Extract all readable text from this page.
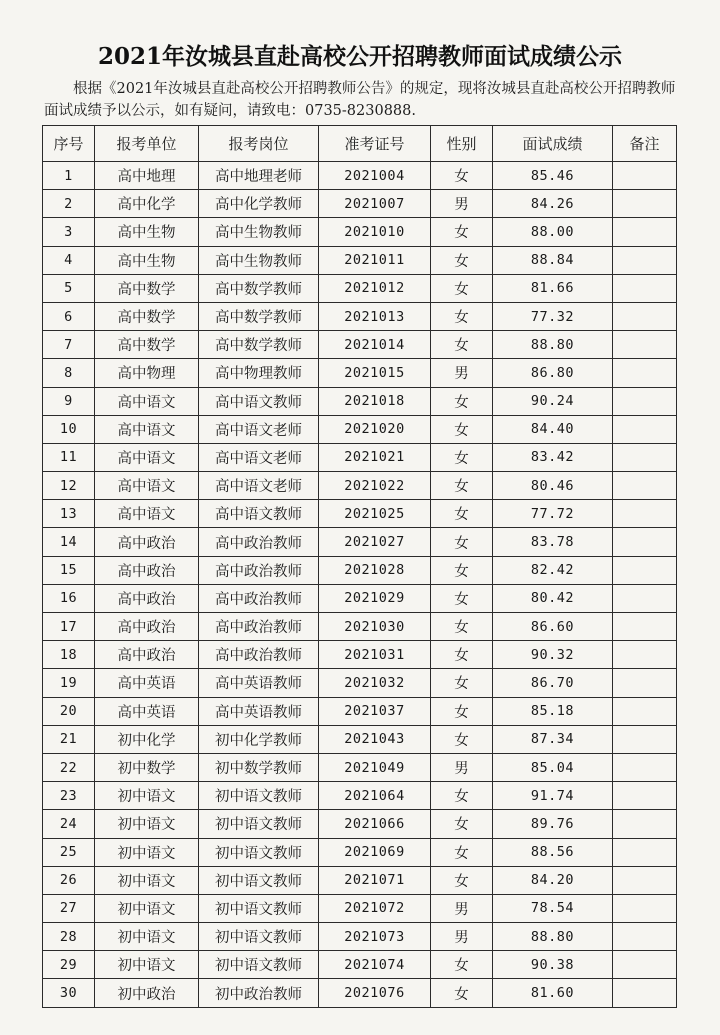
2021年汝城县直赴高校公开招聘教师面试成绩公示
根据《2021年汝城县直赴高校公开招聘教师公告》的规定，现将汝城县直赴高校公开招聘教师面试成绩予以公示，如有疑问，请致电：0735-8230888.
序号	报考单位	报考岗位	准考证号	性别	面试成绩	备注
1	高中地理	高中地理老师	2021004	女	85.46	
2	高中化学	高中化学教师	2021007	男	84.26	
3	高中生物	高中生物教师	2021010	女	88.00	
4	高中生物	高中生物教师	2021011	女	88.84	
5	高中数学	高中数学教师	2021012	女	81.66	
6	高中数学	高中数学教师	2021013	女	77.32	
7	高中数学	高中数学教师	2021014	女	88.80	
8	高中物理	高中物理教师	2021015	男	86.80	
9	高中语文	高中语文教师	2021018	女	90.24	
10	高中语文	高中语文老师	2021020	女	84.40	
11	高中语文	高中语文老师	2021021	女	83.42	
12	高中语文	高中语文老师	2021022	女	80.46	
13	高中语文	高中语文教师	2021025	女	77.72	
14	高中政治	高中政治教师	2021027	女	83.78	
15	高中政治	高中政治教师	2021028	女	82.42	
16	高中政治	高中政治教师	2021029	女	80.42	
17	高中政治	高中政治教师	2021030	女	86.60	
18	高中政治	高中政治教师	2021031	女	90.32	
19	高中英语	高中英语教师	2021032	女	86.70	
20	高中英语	高中英语教师	2021037	女	85.18	
21	初中化学	初中化学教师	2021043	女	87.34	
22	初中数学	初中数学教师	2021049	男	85.04	
23	初中语文	初中语文教师	2021064	女	91.74	
24	初中语文	初中语文教师	2021066	女	89.76	
25	初中语文	初中语文教师	2021069	女	88.56	
26	初中语文	初中语文教师	2021071	女	84.20	
27	初中语文	初中语文教师	2021072	男	78.54	
28	初中语文	初中语文教师	2021073	男	88.80	
29	初中语文	初中语文教师	2021074	女	90.38	
30	初中政治	初中政治教师	2021076	女	81.60	
